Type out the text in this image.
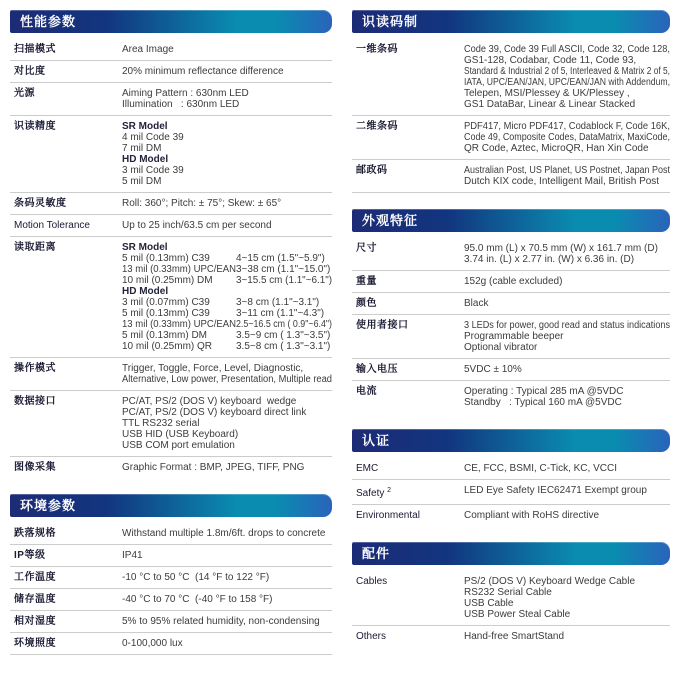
性能参数
扫描模式	Area Image
对比度	20% minimum reflectance difference
光源	Aiming Pattern : 630nm LED
Illumination   : 630nm LED
识读精度	SR Model
4 mil Code 39
7 mil DM
HD Model
3 mil Code 39
5 mil DM
条码灵敏度	Roll: 360°; Pitch: ± 75°; Skew: ± 65°
Motion Tolerance	Up to 25 inch/63.5 cm per second
读取距离	SR Model
5 mil (0.13mm) C39	4~15 cm (1.5"~5.9")
13 mil (0.33mm) UPC/EAN 3~38 cm (1.1"~15.0")
10 mil (0.25mm) DM	3~15.5 cm (1.1"~6.1")
HD Model
3 mil (0.07mm) C39	3~8 cm (1.1"~3.1")
5 mil (0.13mm) C39	3~11 cm (1.1"~4.3")
13 mil (0.33mm) UPC/EAN 2.5~16.5 cm ( 0.9"~6.4")
5 mil (0.13mm) DM	3.5~9 cm ( 1.3"~3.5")
10 mil (0.25mm) QR	3.5~8 cm ( 1.3"~3.1")
操作模式	Trigger, Toggle, Force, Level, Diagnostic,
Alternative, Low power, Presentation, Multiple read
数据接口	PC/AT, PS/2 (DOS V) keyboard  wedge
PC/AT, PS/2 (DOS V) keyboard direct link
TTL RS232 serial
USB HID (USB Keyboard)
USB COM port emulation
图像采集	Graphic Format : BMP, JPEG, TIFF, PNG
环境参数
跌落规格	Withstand multiple 1.8m/6ft. drops to concrete
IP等级	IP41
工作温度	-10 °C to 50 °C  (14 °F to 122 °F)
储存温度	-40 °C to 70 °C  (-40 °F to 158 °F)
相对湿度	5% to 95% related humidity, non-condensing
环境照度	0-100,000 lux
识读码制
一维条码	Code 39, Code 39 Full ASCII, Code 32, Code 128,
GS1-128, Codabar, Code 11, Code 93,
Standard & Industrial 2 of 5, Interleaved & Matrix 2 of 5,
IATA, UPC/EAN/JAN, UPC/EAN/JAN with Addendum,
Telepen, MSI/Plessey & UK/Plessey ,
GS1 DataBar, Linear & Linear Stacked
二维条码	PDF417, Micro PDF417, Codablock F, Code 16K,
Code 49, Composite Codes, DataMatrix, MaxiCode,
QR Code, Aztec, MicroQR, Han Xin Code
邮政码	Australian Post, US Planet, US Postnet, Japan Post
Dutch KIX code, Intelligent Mail, British Post
外观特征
尺寸	95.0 mm (L) x 70.5 mm (W) x 161.7 mm (D)
3.74 in. (L) x 2.77 in. (W) x 6.36 in. (D)
重量	152g (cable excluded)
颜色	Black
使用者接口	3 LEDs for power, good read and status indications
Programmable beeper
Optional vibrator
输入电压	5VDC ± 10%
电流	Operating : Typical 285 mA @5VDC
Standby   : Typical 160 mA @5VDC
认证
EMC	CE, FCC, BSMI, C-Tick, KC, VCCI
Safety $^2$	LED Eye Safety IEC62471 Exempt group
Environmental	Compliant with RoHS directive
配件
Cables	PS/2 (DOS V) Keyboard Wedge Cable
RS232 Serial Cable
USB Cable
USB Power Steal Cable
Others	Hand-free SmartStand
